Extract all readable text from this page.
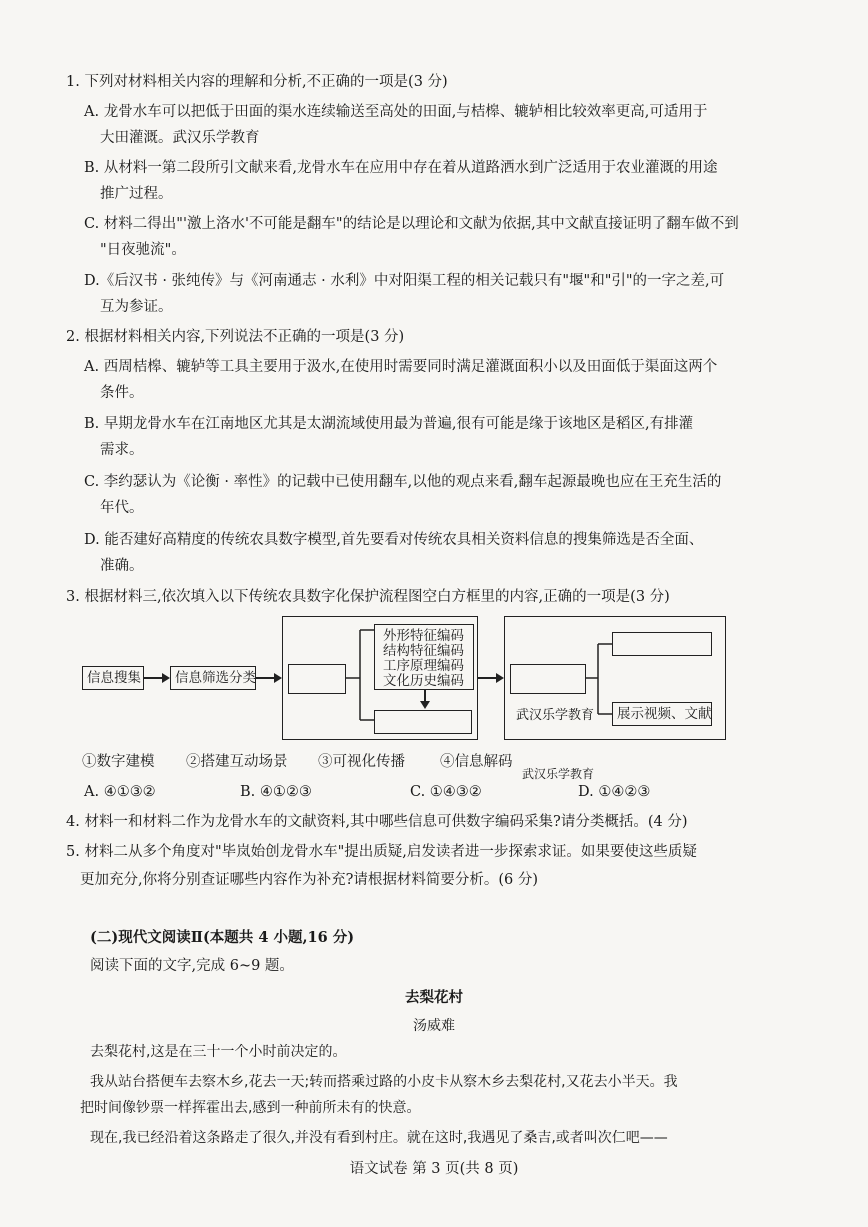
1. 下列对材料相关内容的理解和分析,不正确的一项是(3 分)
A. 龙骨水车可以把低于田面的渠水连续输送至高处的田面,与桔槔、辘轳相比较效率更高,可适用于
大田灌溉。武汉乐学教育
B. 从材料一第二段所引文献来看,龙骨水车在应用中存在着从道路洒水到广泛适用于农业灌溉的用途
推广过程。
C. 材料二得出"'激上洛水'不可能是翻车"的结论是以理论和文献为依据,其中文献直接证明了翻车做不到
"日夜驰流"。
D.《后汉书 · 张纯传》与《河南通志 · 水利》中对阳渠工程的相关记载只有"堰"和"引"的一字之差,可
互为参证。
2. 根据材料相关内容,下列说法不正确的一项是(3 分)
A. 西周桔槔、辘轳等工具主要用于汲水,在使用时需要同时满足灌溉面积小以及田面低于渠面这两个
条件。
B. 早期龙骨水车在江南地区尤其是太湖流域使用最为普遍,很有可能是缘于该地区是稻区,有排灌
需求。
C. 李约瑟认为《论衡 · 率性》的记载中已使用翻车,以他的观点来看,翻车起源最晚也应在王充生活的
年代。
D. 能否建好高精度的传统农具数字模型,首先要看对传统农具相关资料信息的搜集筛选是否全面、
准确。
3. 根据材料三,依次填入以下传统农具数字化保护流程图空白方框里的内容,正确的一项是(3 分)
信息搜集	信息筛选分类
外形特征编码
结构特征编码
工序原理编码
文化历史编码
展示视频、文献
武汉乐学教育
①数字建模 ②搭建互动场景 ③可视化传播 ④信息解码
武汉乐学教育
A. ④①③②	B. ④①②③	C. ①④③②	D. ①④②③
4. 材料一和材料二作为龙骨水车的文献资料,其中哪些信息可供数字编码采集?请分类概括。(4 分)
5. 材料二从多个角度对"毕岚始创龙骨水车"提出质疑,启发读者进一步探索求证。如果要使这些质疑
更加充分,你将分别查证哪些内容作为补充?请根据材料简要分析。(6 分)
(二)现代文阅读Ⅱ(本题共 4 小题,16 分)
阅读下面的文字,完成 6~9 题。
去梨花村
汤威难
去梨花村,这是在三十一个小时前决定的。
我从站台搭便车去察木乡,花去一天;转而搭乘过路的小皮卡从察木乡去梨花村,又花去小半天。我
把时间像钞票一样挥霍出去,感到一种前所未有的快意。
现在,我已经沿着这条路走了很久,并没有看到村庄。就在这时,我遇见了桑吉,或者叫次仁吧——
语文试卷 第 3 页(共 8 页)
